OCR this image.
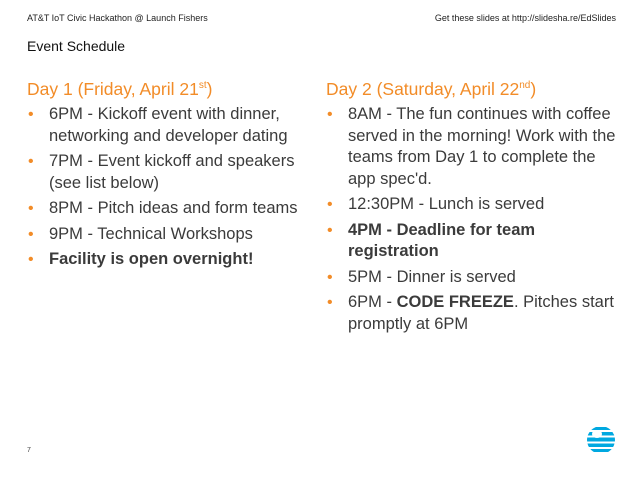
AT&T IoT Civic Hackathon @ Launch Fishers	Get these slides at http://slidesha.re/EdSlides
Event Schedule
Day 1 (Friday, April 21st)
• 6PM - Kickoff event with dinner, networking and developer dating
• 7PM - Event kickoff and speakers (see list below)
• 8PM - Pitch ideas and form teams
• 9PM - Technical Workshops
• Facility is open overnight!
Day 2 (Saturday, April 22nd)
• 8AM - The fun continues with coffee served in the morning! Work with the teams from Day 1 to complete the app spec'd.
• 12:30PM - Lunch is served
• 4PM - Deadline for team registration
• 5PM - Dinner is served
• 6PM - CODE FREEZE. Pitches start promptly at 6PM
7
